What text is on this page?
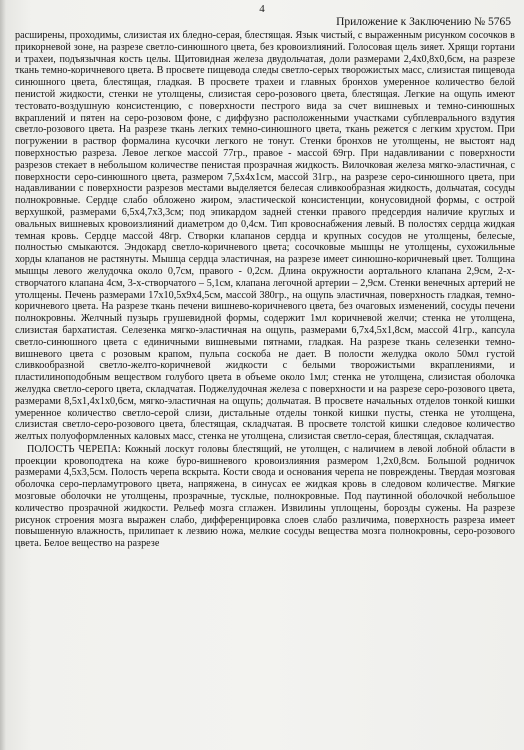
4
Приложение к Заключению № 5765

расширены, проходимы, слизистая их бледно-серая, блестящая. Язык чистый, с выраженным рисунком сосочков в прикорневой зоне, на разрезе светло-синюшного цвета, без кровоизлияний. Голосовая щель зияет. Хрящи гортани и трахеи, подъязычная кость целы. Щитовидная железа двудольчатая, доли размерами 2,4х0,8х0,6см, на разрезе ткань темно-коричневого цвета. В просвете пищевода следы светло-серых творожистых масс, слизистая пищевода синюшного цвета, блестящая, гладкая. В просвете трахеи и главных бронхов умеренное количество белой пенистой жидкости, стенки не утолщены, слизистая серо-розового цвета, блестящая. Легкие на ощупь имеют тестовато-воздушную консистенцию, с поверхности пестрого вида за счет вишневых и темно-синюшных вкраплений и пятен на серо-розовом фоне, с диффузно расположенными участками субплеврального вздутия светло-розового цвета. На разрезе ткань легких темно-синюшного цвета, ткань режется с легким хрустом. При погружении в раствор формалина кусочки легкого не тонут. Стенки бронхов не утолщены, не выстоят над поверхностью разреза. Левое легкое массой 77гр., правое - массой 69гр. При надавливании с поверхности разрезов стекает в небольшом количестве пенистая прозрачная жидкость. Вилочковая железа мягко-эластичная, с поверхности серо-синюшного цвета, размером 7,5х4х1см, массой 31гр., на разрезе серо-синюшного цвета, при надавливании с поверхности разрезов местами выделяется белесая сливкообразная жидкость, дольчатая, сосуды полнокровные. Сердце слабо обложено жиром, эластической консистенции, конусовидной формы, с острой верхушкой, размерами 6,5х4,7х3,3см; под эпикардом задней стенки правого предсердия наличие круглых и овальных вишневых кровоизлияний диаметром до 0,4см. Тип кровоснабжения левый. В полостях сердца жидкая темная кровь. Сердце массой 48гр. Створки клапанов сердца и крупных сосудов не утолщены, белесые, полностью смыкаются. Эндокард светло-коричневого цвета; сосочковые мышцы не утолщены, сухожильные хорды клапанов не растянуты. Мышца сердца эластичная, на разрезе имеет синюшно-коричневый цвет. Толщина мышцы левого желудочка около 0,7см, правого - 0,2см. Длина окружности аортального клапана 2,9см, 2-х-створчатого клапана 4см, 3-х-створчатого – 5,1см, клапана легочной артерии – 2,9см. Стенки венечных артерий не утолщены. Печень размерами 17х10,5х9х4,5см, массой 380гр., на ощупь эластичная, поверхность гладкая, темно-коричневого цвета. На разрезе ткань печени вишнево-коричневого цвета, без очаговых изменений, сосуды печени полнокровны. Желчный пузырь грушевидной формы, содержит 1мл коричневой желчи; стенка не утолщена, слизистая бархатистая. Селезенка мягко-эластичная на ощупь, размерами 6,7х4,5х1,8см, массой 41гр., капсула светло-синюшного цвета с единичными вишневыми пятнами, гладкая. На разрезе ткань селезенки темно-вишневого цвета с розовым крапом, пульпа соскоба не дает. В полости желудка около 50мл густой сливкообразной светло-желто-коричневой жидкости с белыми творожистыми вкраплениями, и пластилиноподобным веществом голубого цвета в объеме около 1мл; стенка не утолщена, слизистая оболочка желудка светло-серого цвета, складчатая. Поджелудочная железа с поверхности и на разрезе серо-розового цвета, размерами 8,5х1,4х1х0,6см, мягко-эластичная на ощупь; дольчатая. В просвете начальных отделов тонкой кишки умеренное количество светло-серой слизи, дистальные отделы тонкой кишки пусты, стенка не утолщена, слизистая светло-серо-розового цвета, блестящая, складчатая. В просвете толстой кишки следовое количество желтых полуоформленных каловых масс, стенка не утолщена, слизистая светло-серая, блестящая, складчатая.

ПОЛОСТЬ ЧЕРЕПА: Кожный лоскут головы блестящий, не утолщен, с наличием в левой лобной области в проекции кровоподтека на коже буро-вишневого кровоизлияния размером 1,2х0,8см. Большой родничок размерами 4,5х3,5см. Полость черепа вскрыта. Кости свода и основания черепа не повреждены. Твердая мозговая оболочка серо-перламутрового цвета, напряжена, в синусах ее жидкая кровь в следовом количестве. Мягкие мозговые оболочки не утолщены, прозрачные, тусклые, полнокровные. Под паутинной оболочкой небольшое количество прозрачной жидкости. Рельеф мозга сглажен. Извилины уплощены, борозды сужены. На разрезе рисунок строения мозга выражен слабо, дифференцировка слоев слабо различима, поверхность разреза имеет повышенную влажность, прилипает к лезвию ножа, мелкие сосуды вещества мозга полнокровны, серо-розового цвета. Белое вещество на разрезе
